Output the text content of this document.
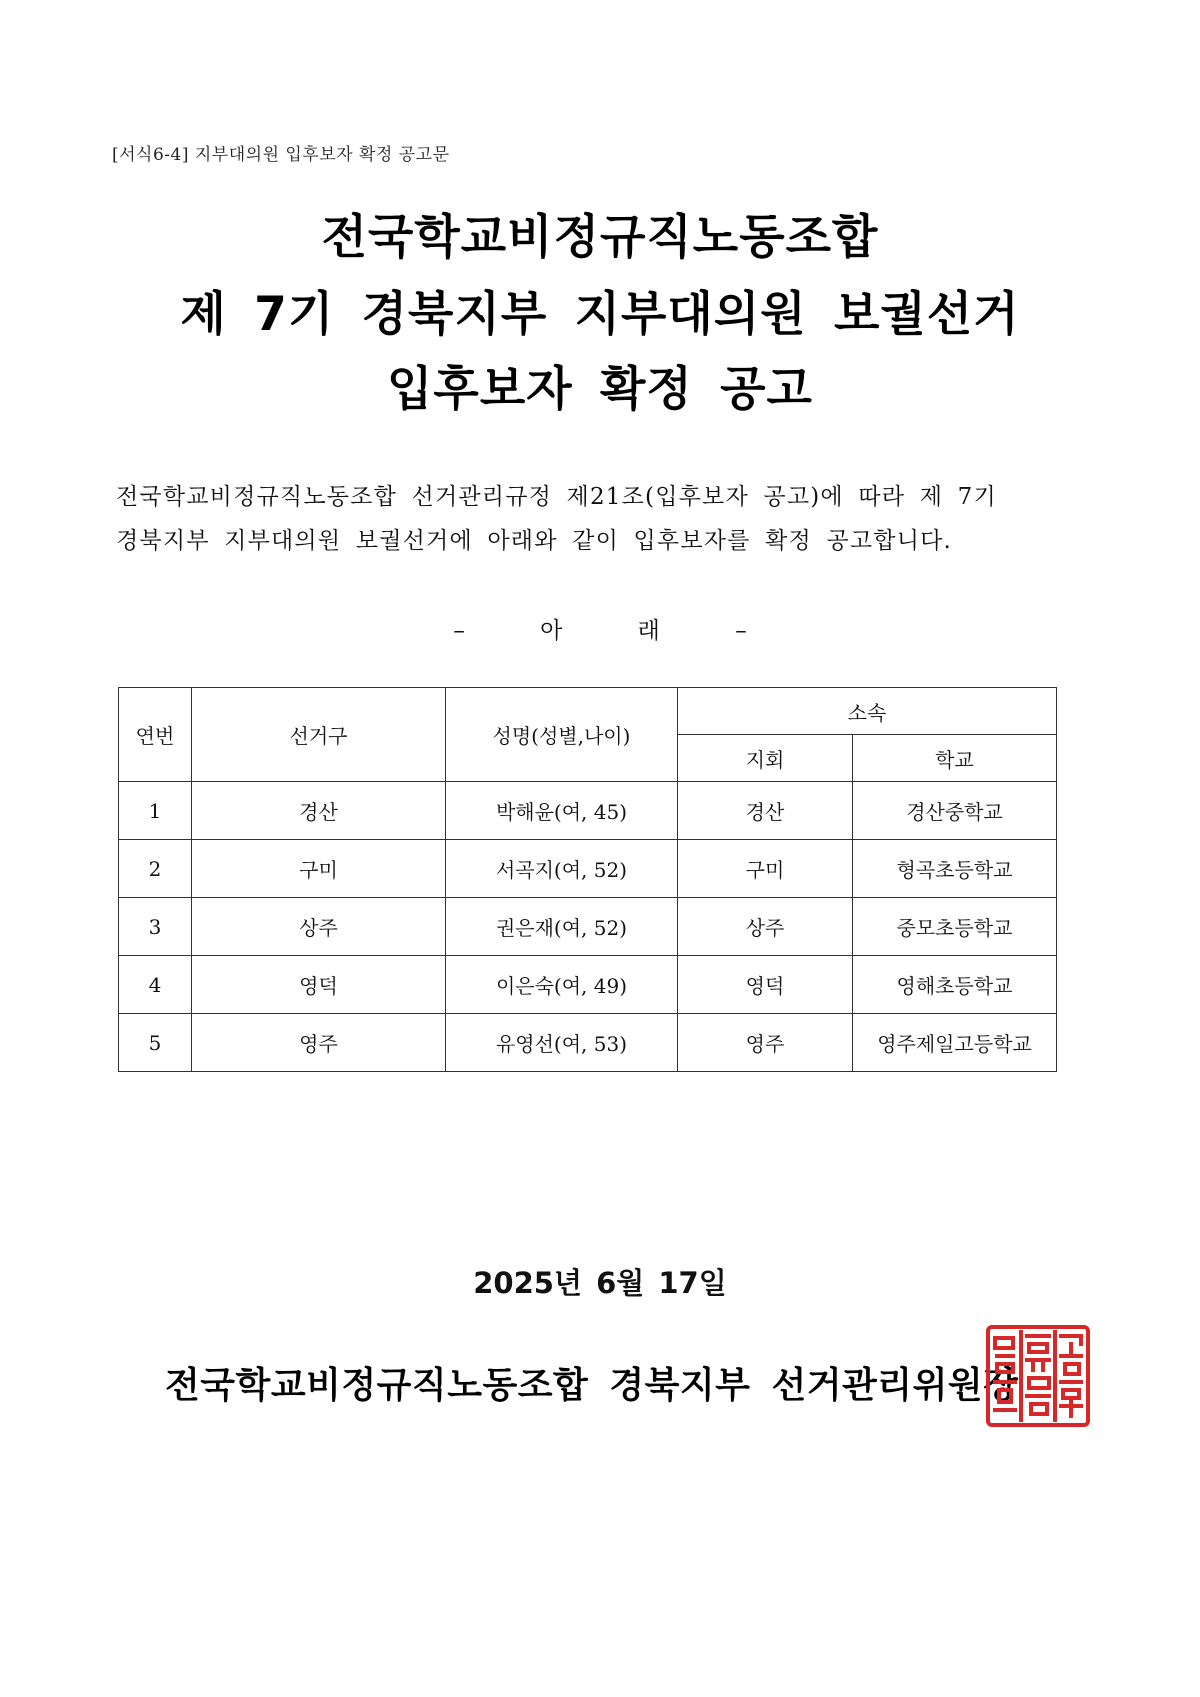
[서식6-4] 지부대의원 입후보자 확정 공고문
전국학교비정규직노동조합
제 7기 경북지부 지부대의원 보궐선거
입후보자 확정 공고
전국학교비정규직노동조합 선거관리규정 제21조(입후보자 공고)에 따라 제 7기
경북지부 지부대의원 보궐선거에 아래와 같이 입후보자를 확정 공고합니다.
–	아	래	–
연번	선거구	성명(성별,나이)	소속	
			지회	학교
1	경산	박해윤(여, 45)	경산	경산중학교
2	구미	서곡지(여, 52)	구미	형곡초등학교
3	상주	권은재(여, 52)	상주	중모초등학교
4	영덕	이은숙(여, 49)	영덕	영해초등학교
5	영주	유영선(여, 53)	영주	영주제일고등학교
2025년 6월 17일
전국학교비정규직노동조합 경북지부 선거관리위원장
